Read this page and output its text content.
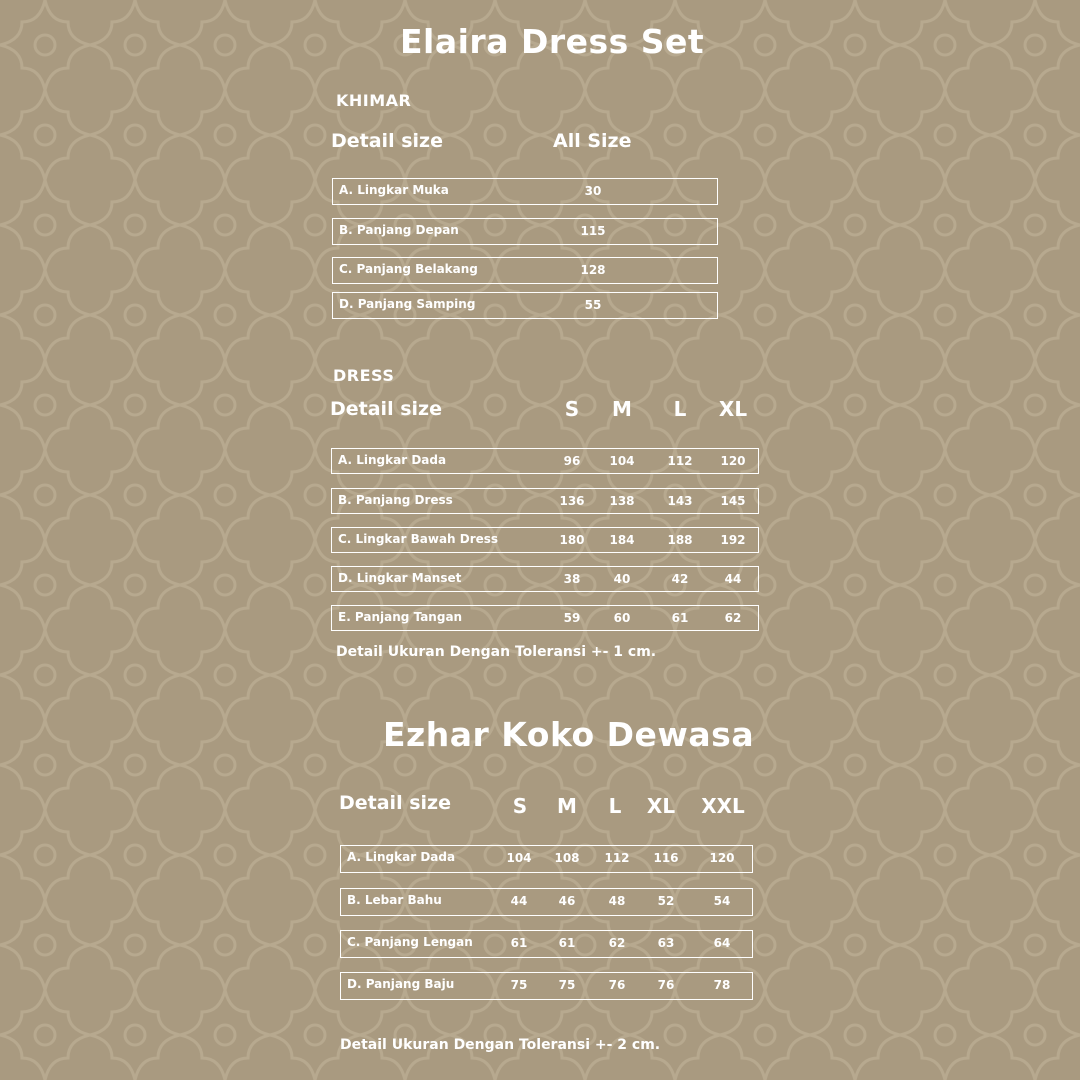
Elaira Dress Set
KHIMAR
Detail size	All Size
A. Lingkar Muka	30
B. Panjang Depan	115
C. Panjang Belakang	128
D. Panjang Samping	55
DRESS
Detail size	S	M	L	XL
A. Lingkar Dada	96	104	112	120
B. Panjang Dress	136	138	143	145
C. Lingkar Bawah Dress	180	184	188	192
D. Lingkar Manset	38	40	42	44
E. Panjang Tangan	59	60	61	62
Detail Ukuran Dengan Toleransi +- 1 cm.
Ezhar Koko Dewasa
Detail size	S	M	L	XL	XXL
A. Lingkar Dada	104	108	112	116	120
B. Lebar Bahu	44	46	48	52	54
C. Panjang Lengan	61	61	62	63	64
D. Panjang Baju	75	75	76	76	78
Detail Ukuran Dengan Toleransi +- 2 cm.
